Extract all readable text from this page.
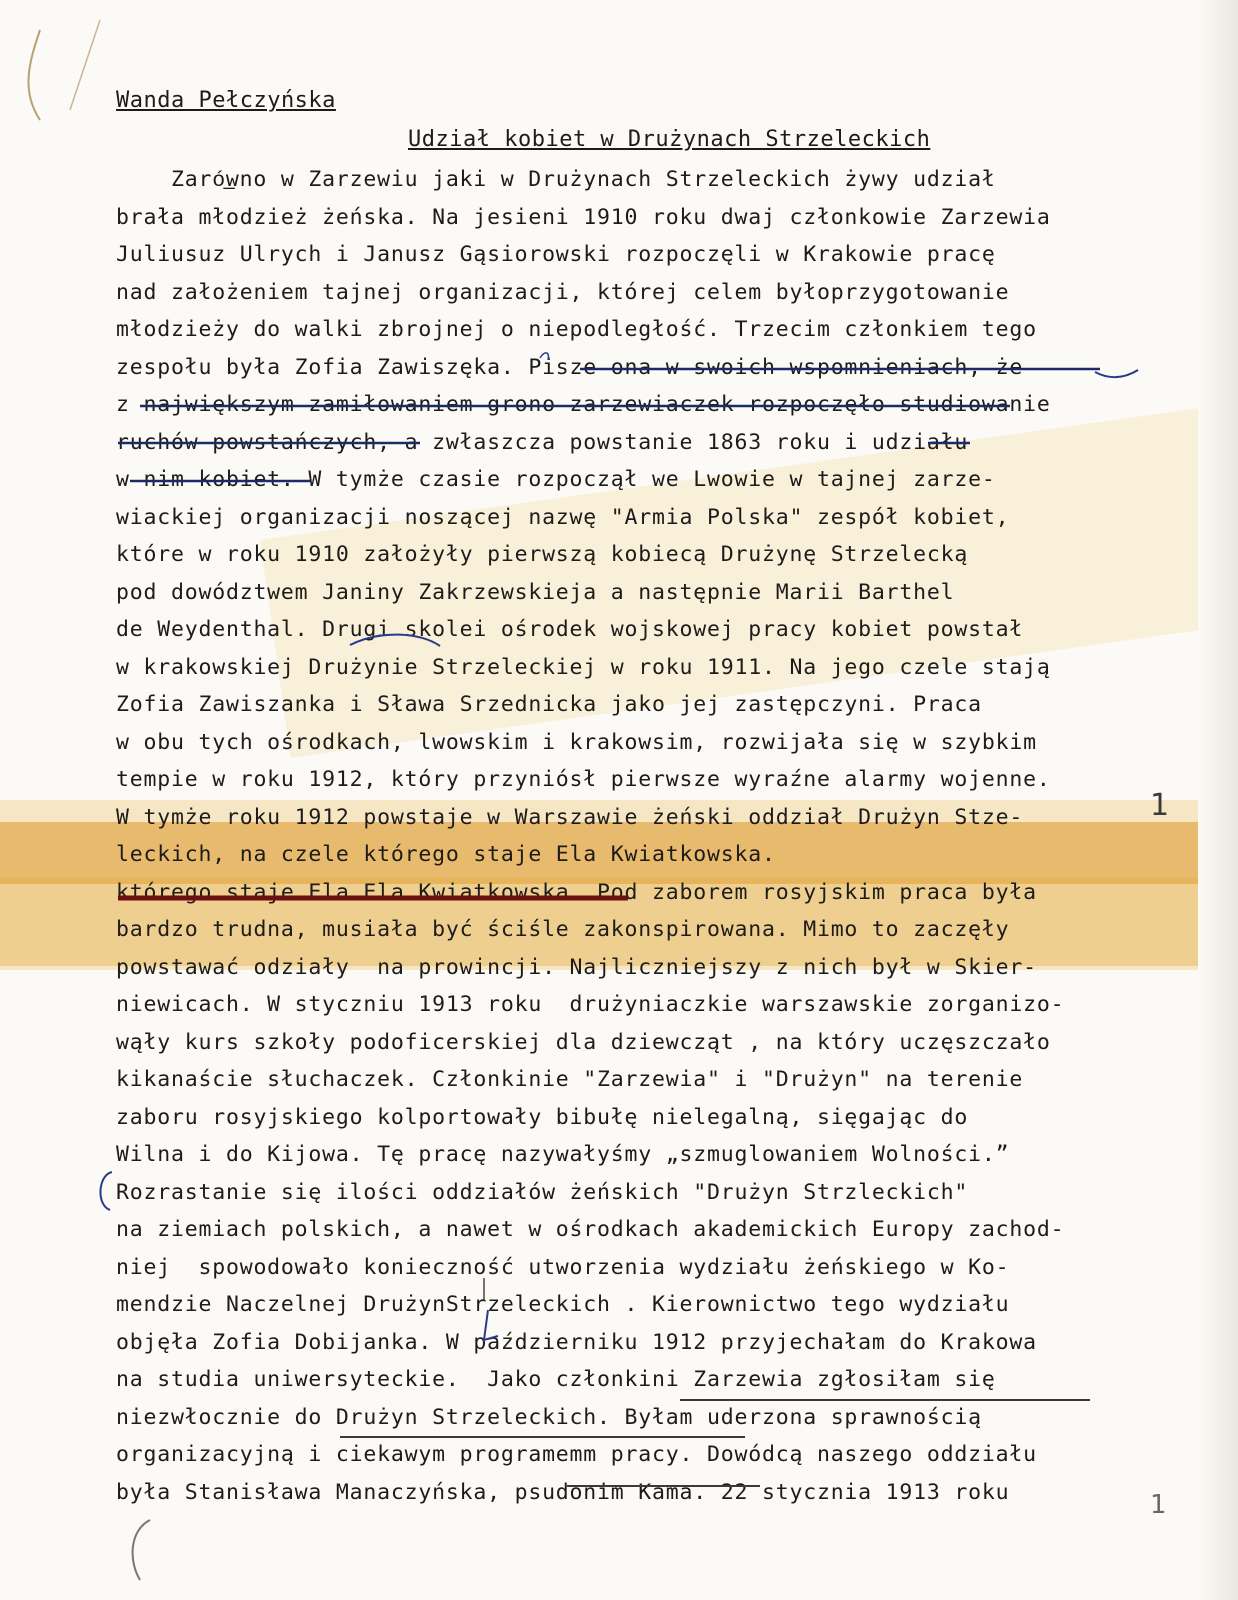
Wanda Pełczyńska
Udział kobiet w Drużynach Strzeleckich
Zaró͟wno w Zarzewiu jaki w Drużynach Strzeleckich żywy udział
brała młodzież żeńska. Na jesieni 1910 roku dwaj członkowie Zarzewia
Juliusuz Ulrych i Janusz Gąsiorowski rozpoczęli w Krakowie pracę
nad założeniem tajnej organizacji, której celem byłoprzygotowanie
młodzieży do walki zbrojnej o niepodległość. Trzecim członkiem tego
zespołu była Zofia Zawiszęka. Pisze ona w swoich wspomnieniach, że
z największym zamiłowaniem grono zarzewiaczek rozpoczęło studiowanie
ruchów powstańczych, a zwłaszcza powstanie 1863 roku i udziału
w nim kobiet. W tymże czasie rozpoczął we Lwowie w tajnej zarze-
wiackiej organizacji noszącej nazwę "Armia Polska" zespół kobiet,
które w roku 1910 założyły pierwszą kobiecą Drużynę Strzelecką
pod dowództwem Janiny Zakrzewskieja a następnie Marii Barthel
de Weydenthal. Drugi skolei ośrodek wojskowej pracy kobiet powstał
w krakowskiej Drużynie Strzeleckiej w roku 1911. Na jego czele stają
Zofia Zawiszanka i Sława Srzednicka jako jej zastępczyni. Praca
w obu tych ośrodkach, lwowskim i krakowsim, rozwijała się w szybkim
tempie w roku 1912, który przyniósł pierwsze wyraźne alarmy wojenne.
W tymże roku 1912 powstaje w Warszawie żeński oddział Drużyn Stze-
leckich, na czele którego staje Ela Kwiatkowska.
którego staje Ela Ela Kwiatkowska. Pod zaborem rosyjskim praca była
bardzo trudna, musiała być ściśle zakonspirowana. Mimo to zaczęły
powstawać odziały  na prowincji. Najliczniejszy z nich był w Skier-
niewicach. W styczniu 1913 roku  drużyniaczkie warszawskie zorganizo-
wąły kurs szkoły podoficerskiej dla dziewcząt , na który uczęszczało
kikanaście słuchaczek. Członkinie "Zarzewia" i "Drużyn" na terenie
zaboru rosyjskiego kolportowały bibułę nielegalną, sięgając do
Wilna i do Kijowa. Tę pracę nazywałyśmy „szmuglowaniem Wolności.”
Rozrastanie się ilości oddziałów żeńskich "Drużyn Strzleckich"
na ziemiach polskich, a nawet w ośrodkach akademickich Europy zachod-
niej  spowodowało konieczność utworzenia wydziału żeńskiego w Ko-
mendzie Naczelnej DrużynStrzeleckich . Kierownictwo tego wydziału
objęła Zofia Dobijanka. W październiku 1912 przyjechałam do Krakowa
na studia uniwersyteckie.  Jako członkini Zarzewia zgłosiłam się
niezwłocznie do Drużyn Strzeleckich. Byłam uderzona sprawnością
organizacyjną i ciekawym programemm pracy. Dowódcą naszego oddziału
była Stanisława Manaczyńska, psudonim Kama. 22 stycznia 1913 roku
1
1
